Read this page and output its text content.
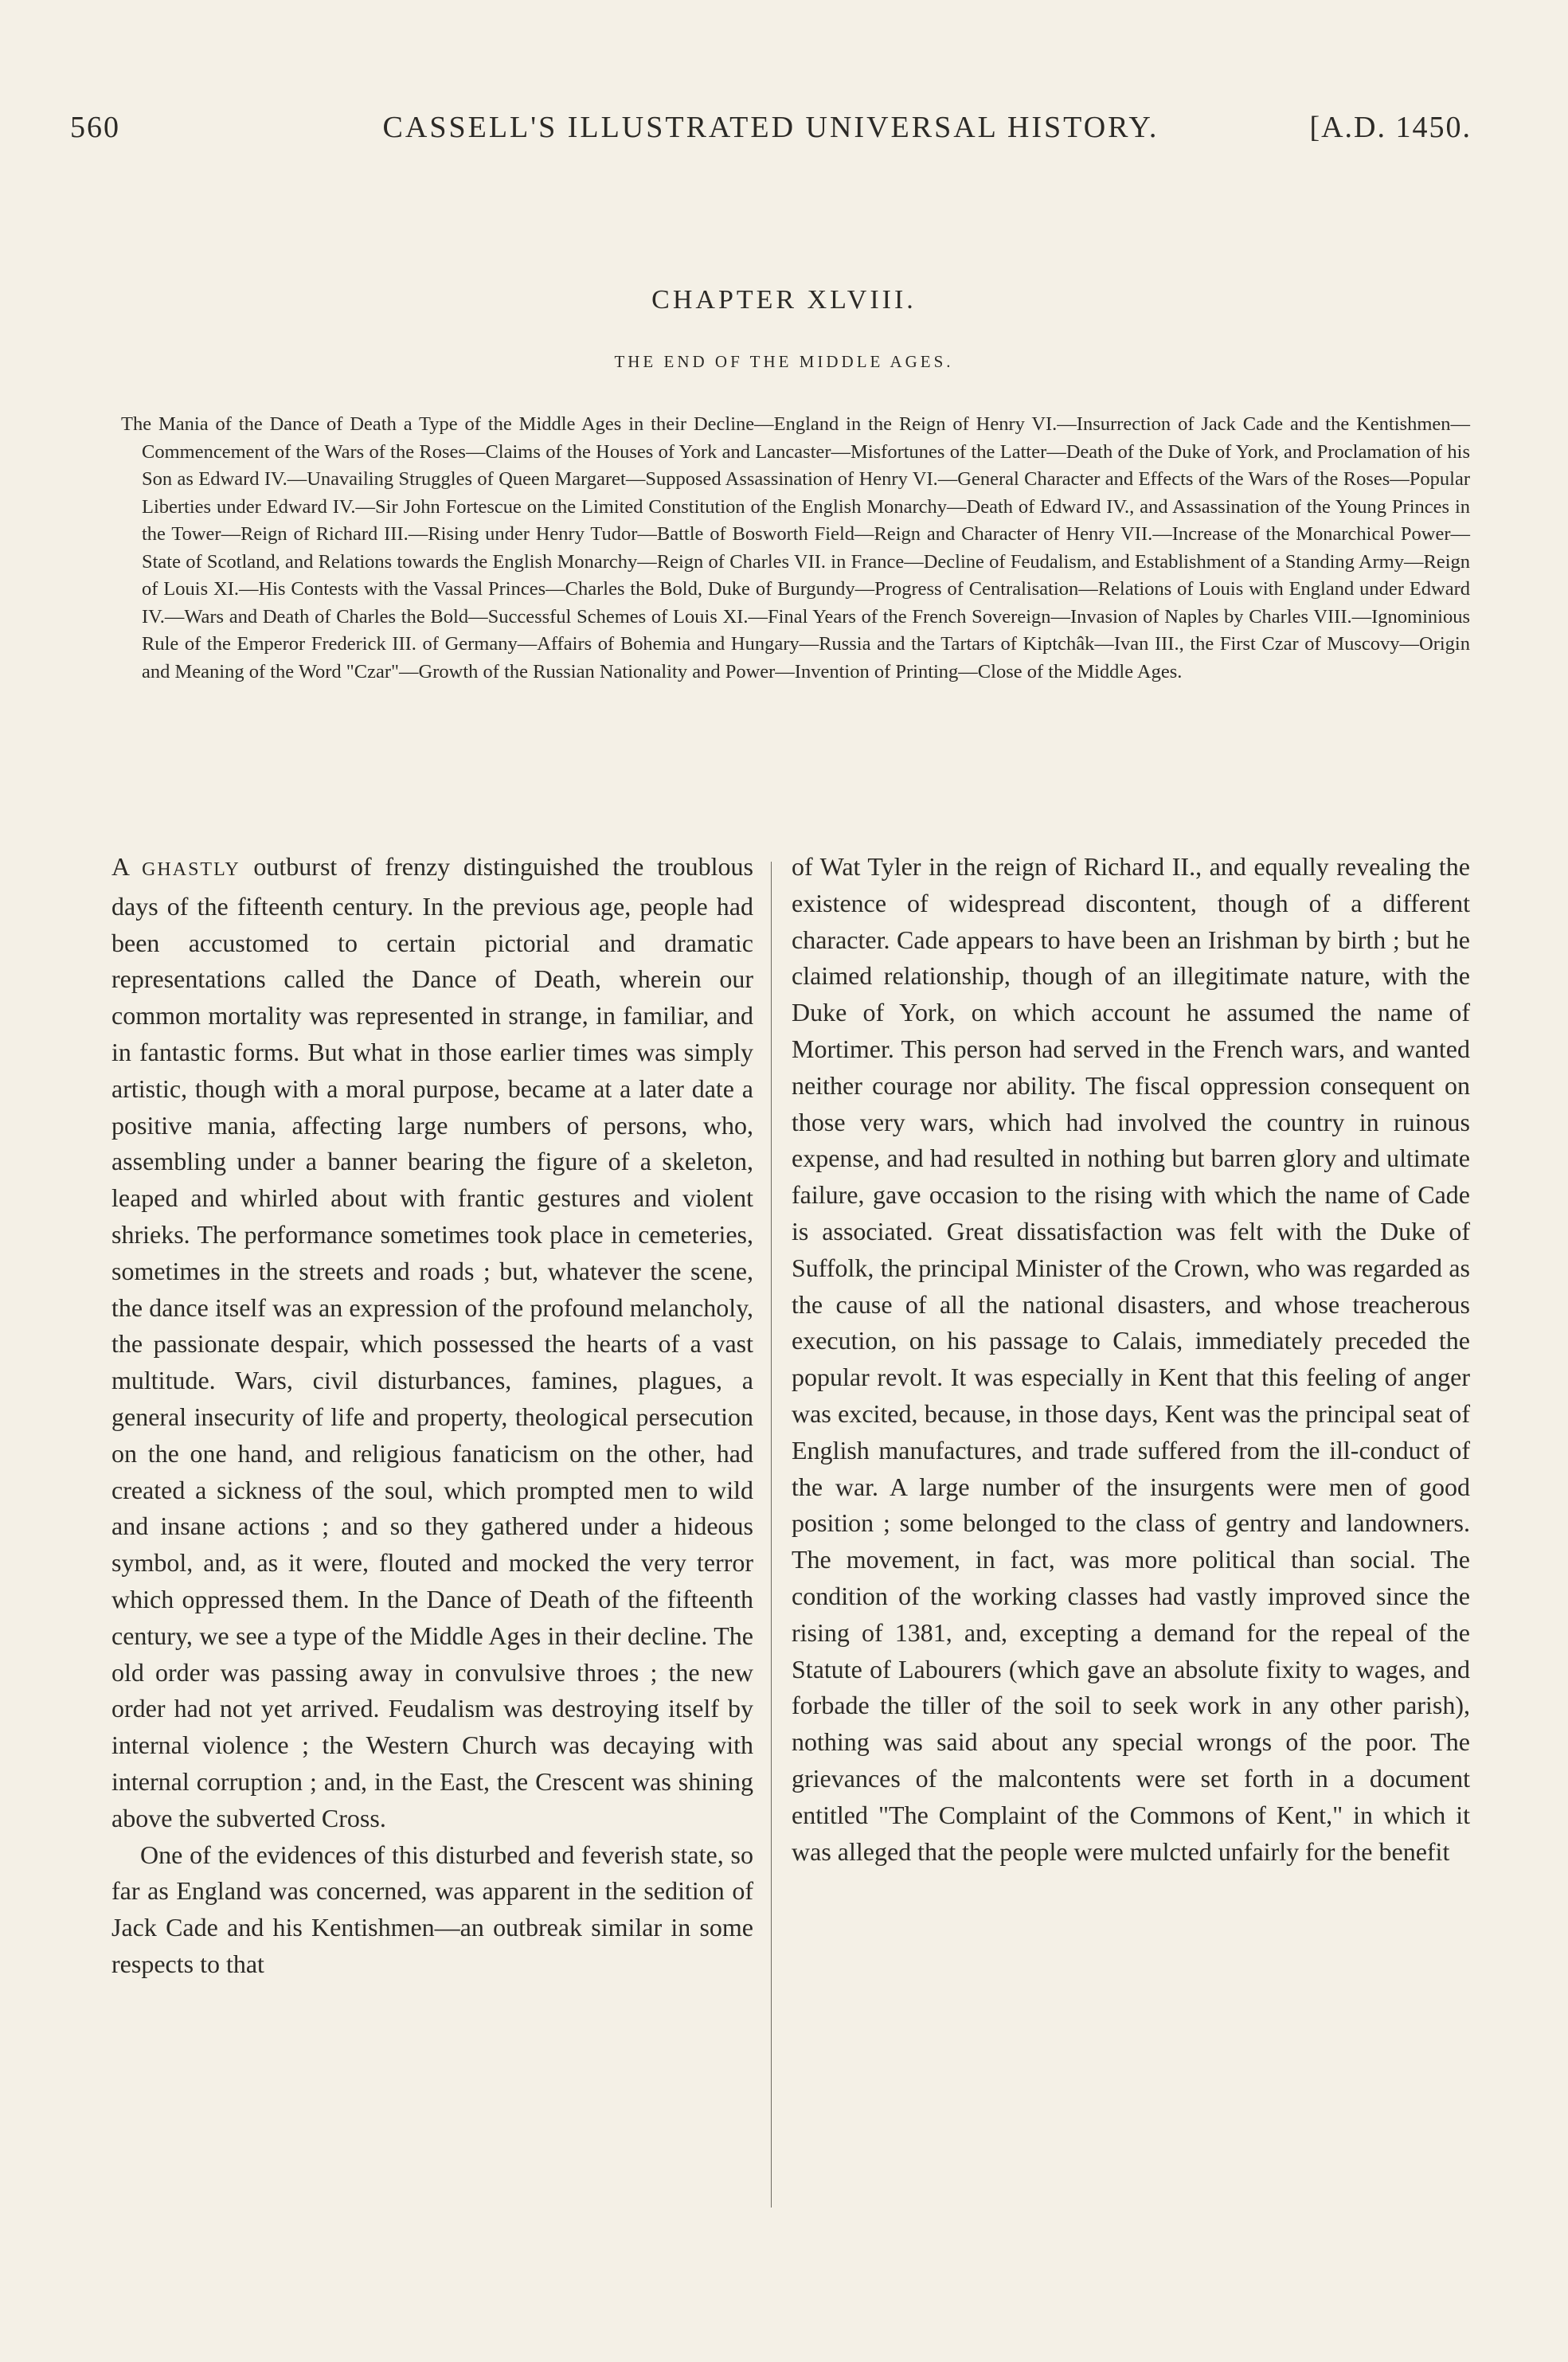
560	CASSELL'S ILLUSTRATED UNIVERSAL HISTORY.	[A.D. 1450.
CHAPTER XLVIII.
THE END OF THE MIDDLE AGES.
The Mania of the Dance of Death a Type of the Middle Ages in their Decline—England in the Reign of Henry VI.—Insurrection of Jack Cade and the Kentishmen—Commencement of the Wars of the Roses—Claims of the Houses of York and Lancaster—Misfortunes of the Latter—Death of the Duke of York, and Proclamation of his Son as Edward IV.—Unavailing Struggles of Queen Margaret—Supposed Assassination of Henry VI.—General Character and Effects of the Wars of the Roses—Popular Liberties under Edward IV.—Sir John Fortescue on the Limited Constitution of the English Monarchy—Death of Edward IV., and Assassination of the Young Princes in the Tower—Reign of Richard III.—Rising under Henry Tudor—Battle of Bosworth Field—Reign and Character of Henry VII.—Increase of the Monarchical Power—State of Scotland, and Relations towards the English Monarchy—Reign of Charles VII. in France—Decline of Feudalism, and Establishment of a Standing Army—Reign of Louis XI.—His Contests with the Vassal Princes—Charles the Bold, Duke of Burgundy—Progress of Centralisation—Relations of Louis with England under Edward IV.—Wars and Death of Charles the Bold—Successful Schemes of Louis XI.—Final Years of the French Sovereign—Invasion of Naples by Charles VIII.—Ignominious Rule of the Emperor Frederick III. of Germany—Affairs of Bohemia and Hungary—Russia and the Tartars of Kiptchâk—Ivan III., the First Czar of Muscovy—Origin and Meaning of the Word "Czar"—Growth of the Russian Nationality and Power—Invention of Printing—Close of the Middle Ages.

A GHASTLY outburst of frenzy distinguished the troublous days of the fifteenth century. In the previous age, people had been accustomed to certain pictorial and dramatic representations called the Dance of Death, wherein our common mortality was represented in strange, in familiar, and in fantastic forms. But what in those earlier times was simply artistic, though with a moral purpose, became at a later date a positive mania, affecting large numbers of persons, who, assembling under a banner bearing the figure of a skeleton, leaped and whirled about with frantic gestures and violent shrieks. The performance sometimes took place in cemeteries, sometimes in the streets and roads ; but, whatever the scene, the dance itself was an expression of the profound melancholy, the passionate despair, which possessed the hearts of a vast multitude. Wars, civil disturbances, famines, plagues, a general insecurity of life and property, theological persecution on the one hand, and religious fanaticism on the other, had created a sickness of the soul, which prompted men to wild and insane actions ; and so they gathered under a hideous symbol, and, as it were, flouted and mocked the very terror which oppressed them. In the Dance of Death of the fifteenth century, we see a type of the Middle Ages in their decline. The old order was passing away in convulsive throes ; the new order had not yet arrived. Feudalism was destroying itself by internal violence ; the Western Church was decaying with internal corruption ; and, in the East, the Crescent was shining above the subverted Cross.

One of the evidences of this disturbed and feverish state, so far as England was concerned, was apparent in the sedition of Jack Cade and his Kentishmen—an outbreak similar in some respects to that

of Wat Tyler in the reign of Richard II., and equally revealing the existence of widespread discontent, though of a different character. Cade appears to have been an Irishman by birth ; but he claimed relationship, though of an illegitimate nature, with the Duke of York, on which account he assumed the name of Mortimer. This person had served in the French wars, and wanted neither courage nor ability. The fiscal oppression consequent on those very wars, which had involved the country in ruinous expense, and had resulted in nothing but barren glory and ultimate failure, gave occasion to the rising with which the name of Cade is associated. Great dissatisfaction was felt with the Duke of Suffolk, the principal Minister of the Crown, who was regarded as the cause of all the national disasters, and whose treacherous execution, on his passage to Calais, immediately preceded the popular revolt. It was especially in Kent that this feeling of anger was excited, because, in those days, Kent was the principal seat of English manufactures, and trade suffered from the ill-conduct of the war. A large number of the insurgents were men of good position ; some belonged to the class of gentry and landowners. The movement, in fact, was more political than social. The condition of the working classes had vastly improved since the rising of 1381, and, excepting a demand for the repeal of the Statute of Labourers (which gave an absolute fixity to wages, and forbade the tiller of the soil to seek work in any other parish), nothing was said about any special wrongs of the poor. The grievances of the malcontents were set forth in a document entitled "The Complaint of the Commons of Kent," in which it was alleged that the people were mulcted unfairly for the benefit
